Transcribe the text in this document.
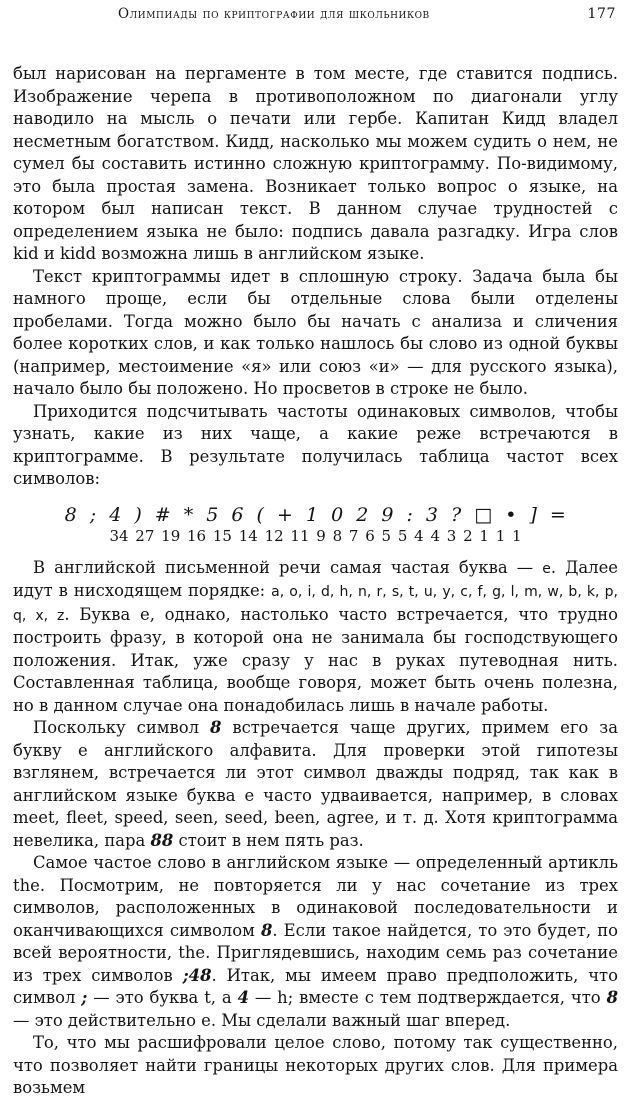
Олимпиады по криптографии для школьников	177

был нарисован на пергаменте в том месте, где ставится подпись. Изображение черепа в противоположном по диагонали углу наводило на мысль о печати или гербе. Капитан Кидд владел несметным богатством. Кидд, насколько мы можем судить о нем, не сумел бы составить истинно сложную криптограмму. По-видимому, это была простая замена. Возникает только вопрос о языке, на котором был написан текст. В данном случае трудностей с определением языка не было: подпись давала разгадку. Игра слов kid и kidd возможна лишь в английском языке.

Текст криптограммы идет в сплошную строку. Задача была бы намного проще, если бы отдельные слова были отделены пробелами. Тогда можно было бы начать с анализа и сличения более коротких слов, и как только нашлось бы слово из одной буквы (например, местоимение «я» или союз «и» — для русского языка), начало было бы положено. Но просветов в строке не было.

Приходится подсчитывать частоты одинаковых символов, чтобы узнать, какие из них чаще, а какие реже встречаются в криптограмме. В результате получилась таблица частот всех символов:

8 ; 4 ) # * 5 6 ( + 1 0 2 9 : 3 ? □ • ] =
34 27 19 16 15 14 12 11 9 8 7 6 5 5 4 4 3 2 1 1 1

В английской письменной речи самая частая буква — e. Далее идут в нисходящем порядке: a, o, i, d, h, n, r, s, t, u, y, c, f, g, l, m, w, b, k, p, q, x, z. Буква e, однако, настолько часто встречается, что трудно построить фразу, в которой она не занимала бы господствующего положения. Итак, уже сразу у нас в руках путеводная нить. Составленная таблица, вообще говоря, может быть очень полезна, но в данном случае она понадобилась лишь в начале работы.

Поскольку символ 8 встречается чаще других, примем его за букву e английского алфавита. Для проверки этой гипотезы взглянем, встречается ли этот символ дважды подряд, так как в английском языке буква e часто удваивается, например, в словах meet, fleet, speed, seen, seed, been, agree, и т. д. Хотя криптограмма невелика, пара 88 стоит в нем пять раз.

Самое частое слово в английском языке — определенный артикль the. Посмотрим, не повторяется ли у нас сочетание из трех символов, расположенных в одинаковой последовательности и оканчивающихся символом 8. Если такое найдется, то это будет, по всей вероятности, the. Приглядевшись, находим семь раз сочетание из трех символов ;48. Итак, мы имеем право предположить, что символ ; — это буква t, а 4 — h; вместе с тем подтверждается, что 8 — это действительно e. Мы сделали важный шаг вперед.

То, что мы расшифровали целое слово, потому так существенно, что позволяет найти границы некоторых других слов. Для примера возьмем
